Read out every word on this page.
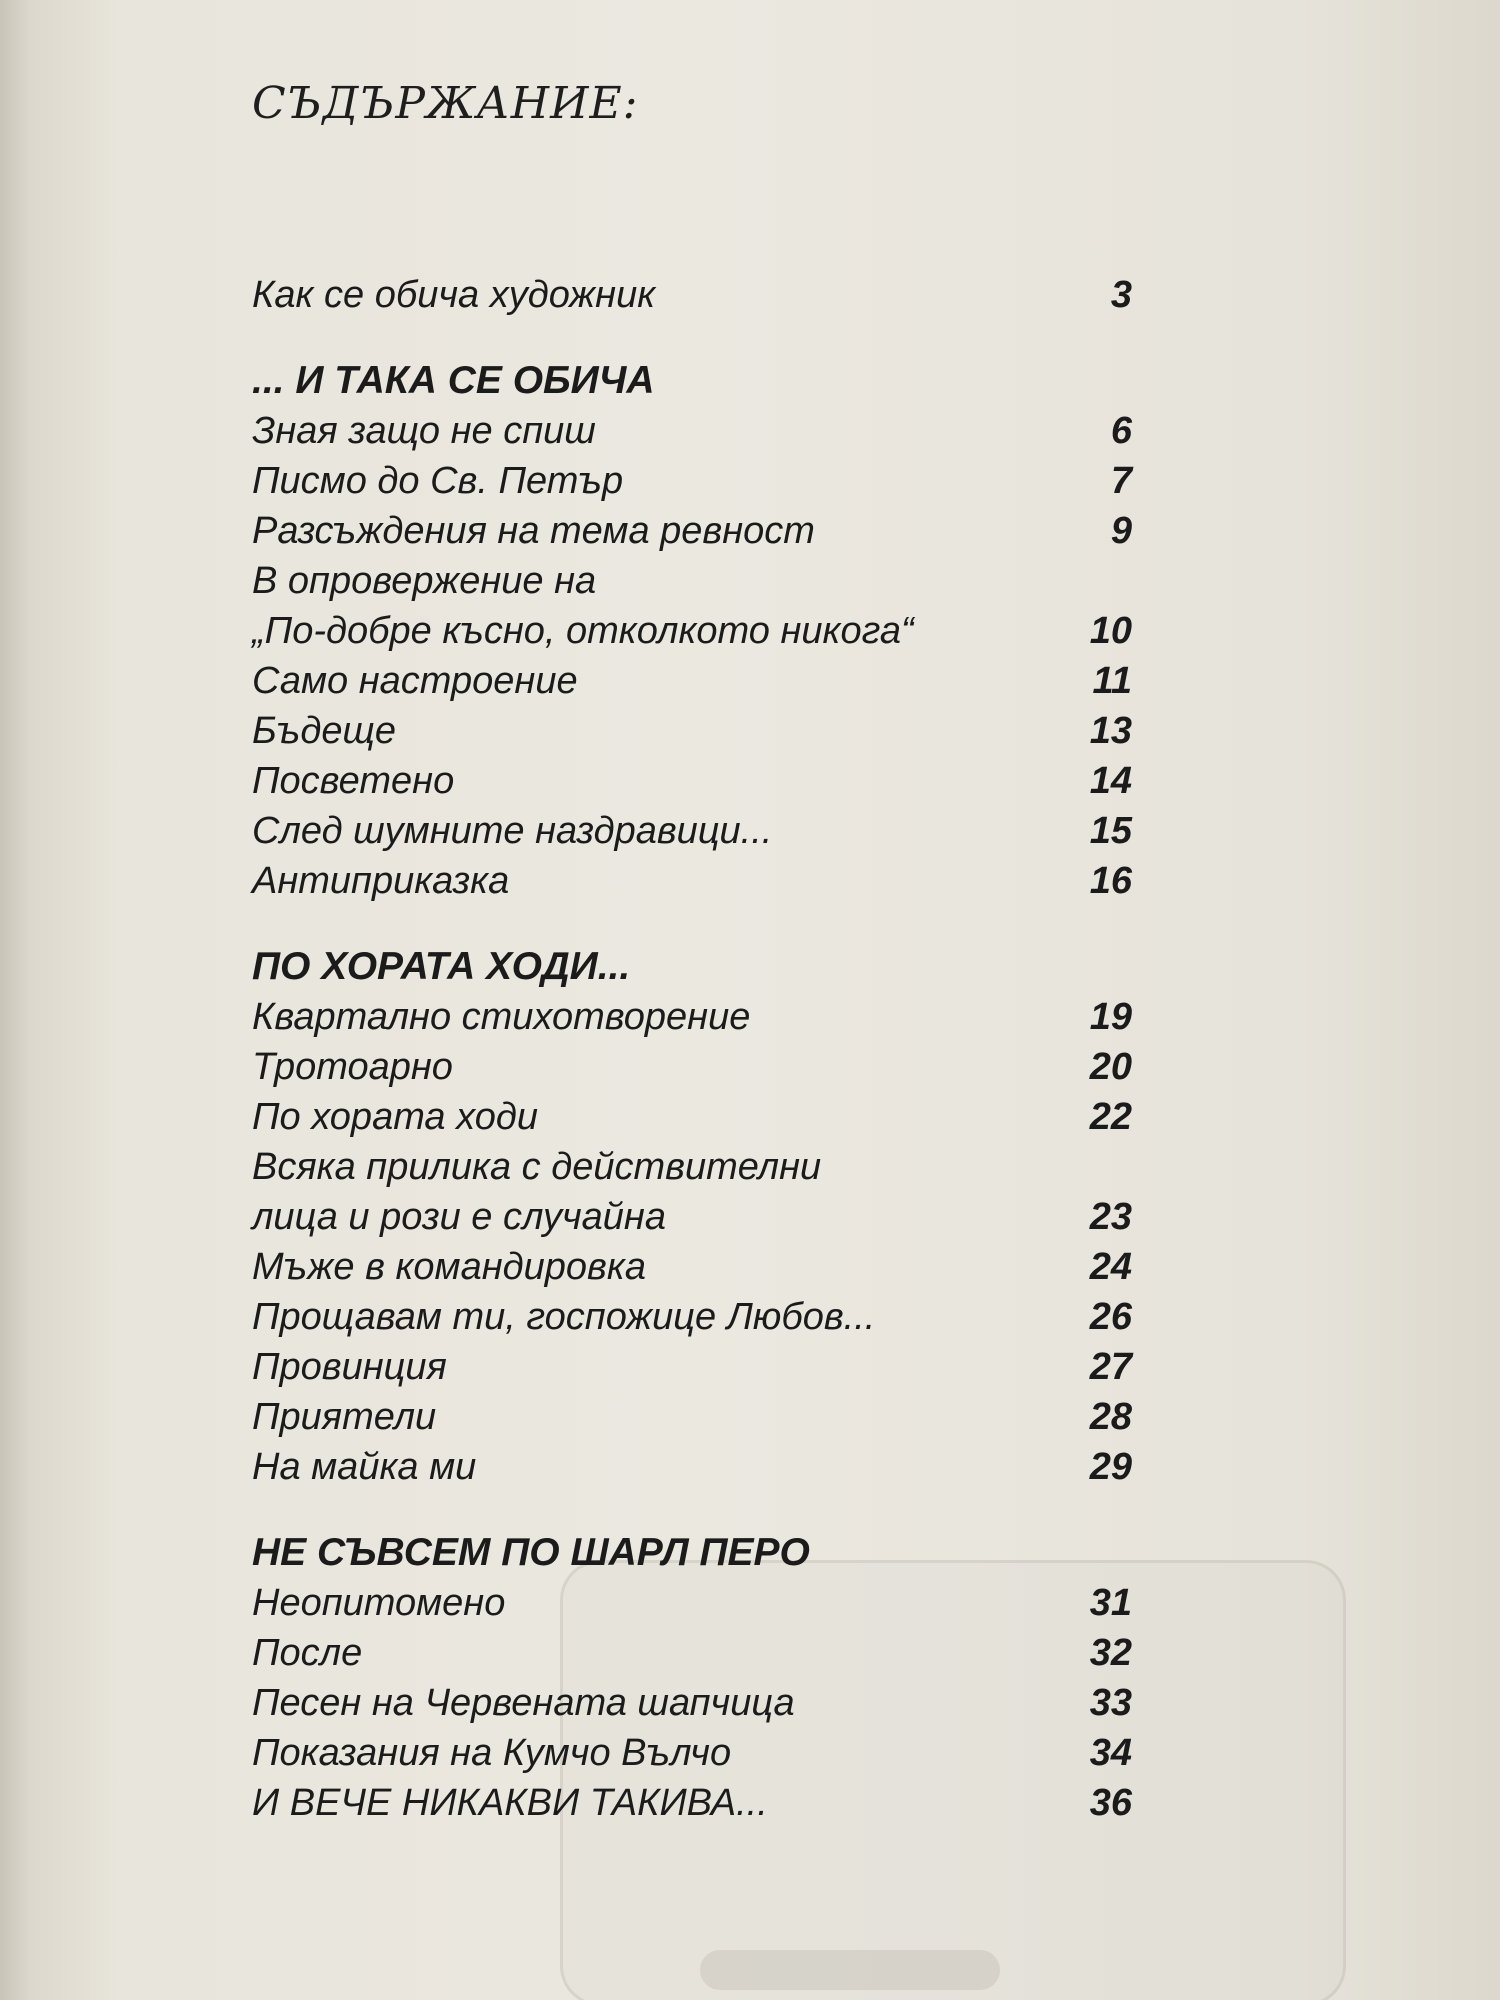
СЪДЪРЖАНИЕ:
Как се обича художник	3
... И ТАКА СЕ ОБИЧА
Зная защо не спиш	6
Писмо до Св. Петър	7
Разсъждения на тема ревност	9
В опровержение на
„По-добре късно, отколкото никога“	10
Само настроение	11
Бъдеще	13
Посветено	14
След шумните наздравици...	15
Антиприказка	16
ПО ХОРАТА ХОДИ...
Квартално стихотворение	19
Тротоарно	20
По хората ходи	22
Всяка прилика с действителни
лица и рози е случайна	23
Мъже в командировка	24
Прощавам ти, госпожице Любов...	26
Провинция	27
Приятели	28
На майка ми	29
НЕ СЪВСЕМ ПО ШАРЛ ПЕРО
Неопитомено	31
После	32
Песен на Червената шапчица	33
Показания на Кумчо Вълчо	34
И ВЕЧЕ НИКАКВИ ТАКИВА...	36
